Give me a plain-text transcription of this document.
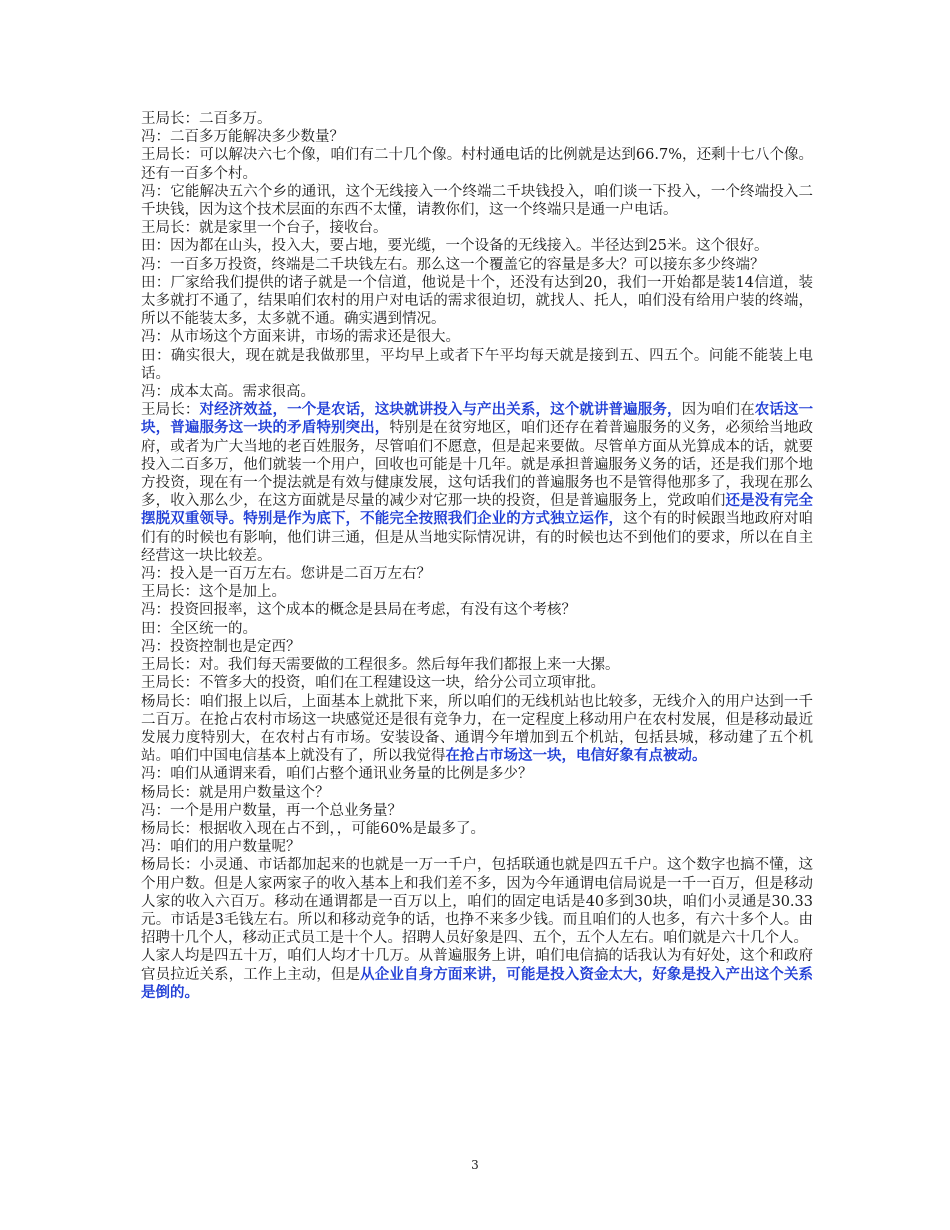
王局长：二百多万。

冯：二百多万能解决多少数量？

王局长：可以解决六七个像，咱们有二十几个像。村村通电话的比例就是达到66.7%，还剩十七八个像。还有一百多个村。

冯：它能解决五六个乡的通讯，这个无线接入一个终端二千块钱投入，咱们谈一下投入，一个终端投入二千块钱，因为这个技术层面的东西不太懂，请教你们，这一个终端只是通一户电话。

王局长：就是家里一个台子，接收台。

田：因为都在山头，投入大，要占地，要光缆，一个设备的无线接入。半径达到25米。这个很好。

冯：一百多万投资，终端是二千块钱左右。那么这一个覆盖它的容量是多大？可以接东多少终端？

田：厂家给我们提供的诸子就是一个信道，他说是十个，还没有达到20，我们一开始都是装14信道，装太多就打不通了，结果咱们农村的用户对电话的需求很迫切，就找人、托人，咱们没有给用户装的终端，所以不能装太多，太多就不通。确实遇到情况。

冯：从市场这个方面来讲，市场的需求还是很大。

田：确实很大，现在就是我做那里，平均早上或者下午平均每天就是接到五、四五个。问能不能装上电话。

冯：成本太高。需求很高。

王局长：对经济效益，一个是农话，这块就讲投入与产出关系，这个就讲普遍服务，因为咱们在农话这一块，普遍服务这一块的矛盾特别突出，特别是在贫穷地区，咱们还存在着普遍服务的义务，必须给当地政府，或者为广大当地的老百姓服务，尽管咱们不愿意，但是起来要做。尽管单方面从光算成本的话，就要投入二百多万，他们就装一个用户，回收也可能是十几年。就是承担普遍服务义务的话，还是我们那个地方投资，现在有一个提法就是有效与健康发展，这句话我们的普遍服务也不是管得他那多了，我现在那么多，收入那么少，在这方面就是尽量的减少对它那一块的投资，但是普遍服务上，党政咱们还是没有完全摆脱双重领导。特别是作为底下，不能完全按照我们企业的方式独立运作，这个有的时候跟当地政府对咱们有的时候也有影响，他们讲三通，但是从当地实际情况讲，有的时候也达不到他们的要求，所以在自主经营这一块比较差。

冯：投入是一百万左右。您讲是二百万左右？

王局长：这个是加上。

冯：投资回报率，这个成本的概念是县局在考虑，有没有这个考核？

田：全区统一的。

冯：投资控制也是定西？

王局长：对。我们每天需要做的工程很多。然后每年我们都报上来一大摞。

王局长：不管多大的投资，咱们在工程建设这一块，给分公司立项审批。

杨局长：咱们报上以后，上面基本上就批下来，所以咱们的无线机站也比较多，无线介入的用户达到一千二百万。在抢占农村市场这一块感觉还是很有竞争力，在一定程度上移动用户在农村发展，但是移动最近发展力度特别大，在农村占有市场。安装设备、通谓今年增加到五个机站，包括县城，移动建了五个机站。咱们中国电信基本上就没有了，所以我觉得在抢占市场这一块，电信好象有点被动。

冯：咱们从通谓来看，咱们占整个通讯业务量的比例是多少？

杨局长：就是用户数量这个？

冯：一个是用户数量，再一个总业务量？

杨局长：根据收入现在占不到，，可能60%是最多了。

冯：咱们的用户数量呢？

杨局长：小灵通、市话都加起来的也就是一万一千户，包括联通也就是四五千户。这个数字也搞不懂，这个用户数。但是人家两家子的收入基本上和我们差不多，因为今年通谓电信局说是一千一百万，但是移动人家的收入六百万。移动在通谓都是一百万以上，咱们的固定电话是40多到30块，咱们小灵通是30.33元。市话是3毛钱左右。所以和移动竞争的话，也挣不来多少钱。而且咱们的人也多，有六十多个人。由招聘十几个人，移动正式员工是十个人。招聘人员好象是四、五个，五个人左右。咱们就是六十几个人。

人家人均是四五十万，咱们人均才十几万。从普遍服务上讲，咱们电信搞的话我认为有好处，这个和政府官员拉近关系，工作上主动，但是从企业自身方面来讲，可能是投入资金太大，好象是投入产出这个关系是倒的。

3
